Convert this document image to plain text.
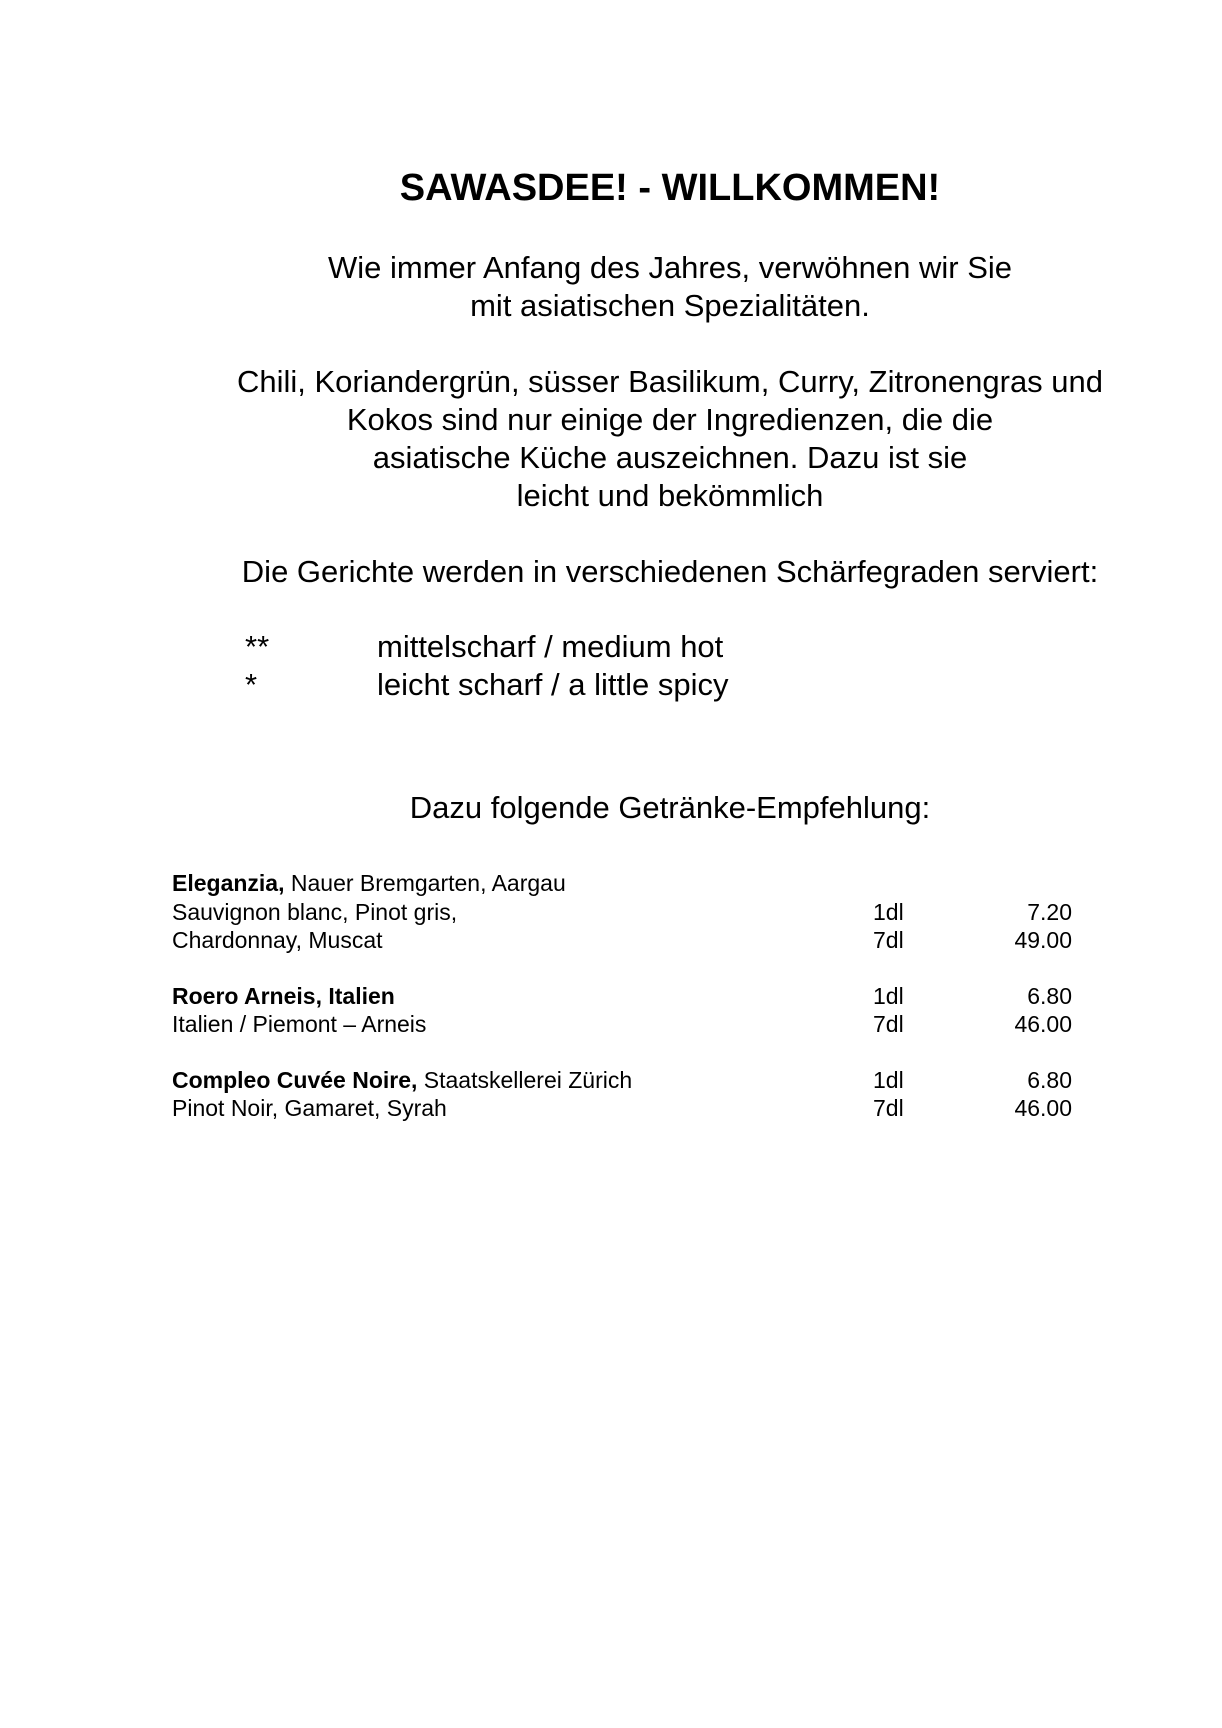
SAWASDEE! - WILLKOMMEN!
Wie immer Anfang des Jahres, verwöhnen wir Sie
mit asiatischen Spezialitäten.
Chili, Koriandergrün, süsser Basilikum, Curry, Zitronengras und
Kokos sind nur einige der Ingredienzen, die die
asiatische Küche auszeichnen. Dazu ist sie
leicht und bekömmlich
Die Gerichte werden in verschiedenen Schärfegraden serviert:
**	mittelscharf / medium hot
*	leicht scharf / a little spicy
Dazu folgende Getränke-Empfehlung:
Eleganzia, Nauer Bremgarten, Aargau
Sauvignon blanc, Pinot gris,	1dl	7.20
Chardonnay, Muscat	7dl	49.00
Roero Arneis, Italien	1dl	6.80
Italien / Piemont – Arneis	7dl	46.00
Compleo Cuvée Noire, Staatskellerei Zürich	1dl	6.80
Pinot Noir, Gamaret, Syrah	7dl	46.00
